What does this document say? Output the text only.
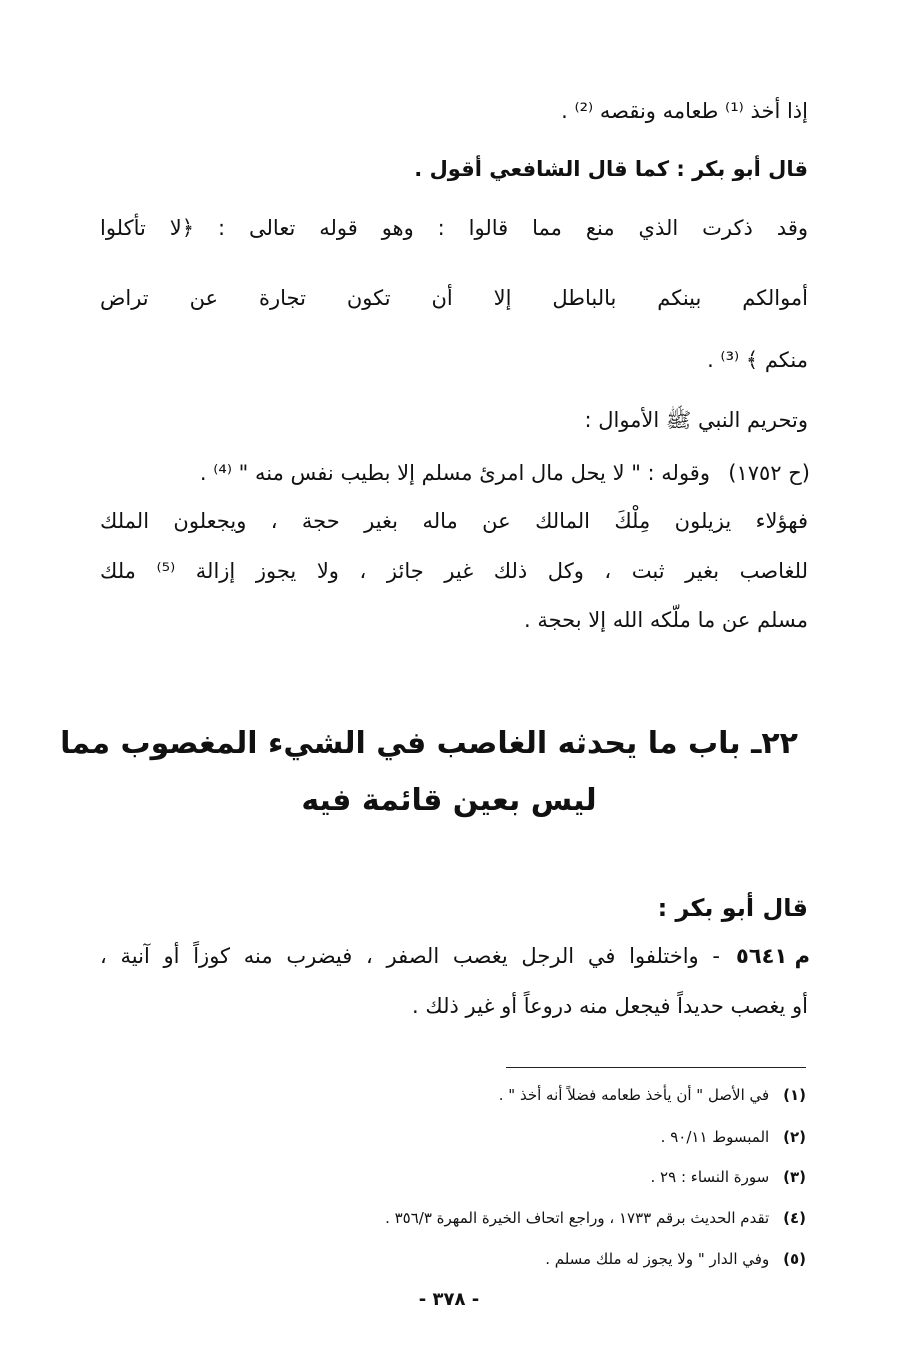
إذا أخذ ⁽¹⁾ طعامه ونقصه ⁽²⁾ .
قال أبو بكر : كما قال الشافعي أقول .
وقد ذكرت الذي منع مما قالوا : وهو قوله تعالى : ﴿لا تأكلوا
أموالكم بينكم بالباطل إلا أن تكون تجارة عن تراض
منكم ﴾ ⁽³⁾ .
وتحريم النبي ﷺ الأموال :
(ح ١٧٥٢)
وقوله : " لا يحل مال امرئ مسلم إلا بطيب نفس منه " ⁽⁴⁾ .
فهؤلاء يزيلون مِلْكَ المالك عن ماله بغير حجة ، ويجعلون الملك
للغاصب بغير ثبت ، وكل ذلك غير جائز ، ولا يجوز إزالة ⁽⁵⁾ ملك
مسلم عن ما ملّكه الله إلا بحجة .
٢٢ـ باب ما يحدثه الغاصب في الشيء المغصوب مما
ليس بعين قائمة فيه
قال أبو بكر :
م ٥٦٤١
- واختلفوا في الرجل يغصب الصفر ، فيضرب منه كوزاً أو آنية ،
أو يغصب حديداً فيجعل منه دروعاً أو غير ذلك .
(١) في الأصل " أن يأخذ طعامه فضلاً أنه أخذ " .
(٢) المبسوط ٩٠/١١ .
(٣) سورة النساء : ٢٩ .
(٤) تقدم الحديث برقم ١٧٣٣ ، وراجع اتحاف الخيرة المهرة ٣٥٦/٣ .
(٥) وفي الدار " ولا يجوز له ملك مسلم .
- ٣٧٨ -
